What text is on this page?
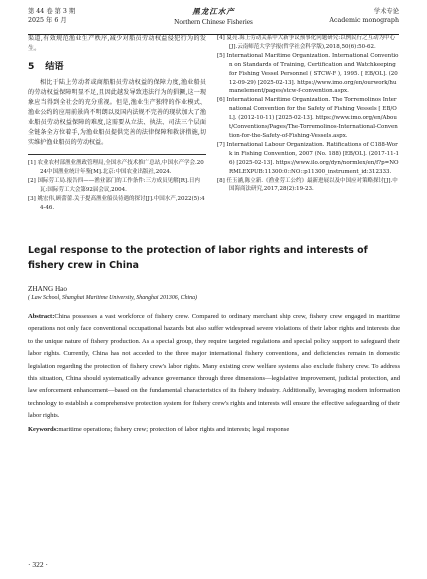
第 44 卷 第 3 期
2025 年 6 月
黑龙江水产
Northern Chinese Fisheries
学术专论
Academic monograph

渠道,有效规范渔业生产秩序,减少对船员劳动权益侵犯行为的发生。

5 结语

相比于陆上劳动者或商船船员劳动权益的保障力度,渔业船员的劳动权益保障明显不足,且因此越发导致违法行为的猖獗,这一现象应当得到全社会的充分重视。但是,渔业生产独特的作业模式、渔业公约的应用前景尚不明朗以及国内法规不完善的现状加大了渔业船员劳动权益保障的难度,这需要从立法、执法、司法三个层面全链条全方位着手,为渔业船员提供完善的法律保障和救济措施,切实维护渔业船员的劳动权益。

[1] 农业农村部渔业渔政管理局,全国水产技术推广总站,中国水产学会.2024中国渔业统计年鉴[M].北京:中国农业出版社,2024.

[2] 国际劳工局.报告四——渔业部门的工作条件:三方成员见解[R].日内瓦:国际劳工大会第92届会议,2004.

[3] 姚宏伟,顾蕾蕾.关于提高渔业船员待遇的探讨[J].中国水产,2022(5):44-46.

[4] 夏亮.海上劳动关系中大新争议预事化问题研究:以例民行之互动为中心[J].云南师范大学学报(哲学社会科学版),2018,50(6):50-62.

[5] International Maritime Organization. International Convention on Standards of Training, Certification and Watchkeeping for Fishing Vessel Personnel ( STCW-F ), 1995. [ EB/OL]. (2012-09-29) [2025-02-13]. https://www.imo.org/en/ourwork/humanelement/pages/stcw-f-convention.aspx.

[6] International Maritime Organization. The Torremolinos International Convention for the Safety of Fishing Vessels [ EB/OL]. (2012-10-11) [2025-02-13]. https://www.imo.org/en/About/Conventions/Pages/The-Torremolinos-International-Convention-for-the-Safety-of-Fishing-Vessels.aspx.

[7] International Labour Organization. Ratifications of C188-Work in Fishing Convention, 2007 (No. 188) [EB/OL]. (2017-11-16) [2025-02-13]. https://www.ilo.org/dyn/normlex/en/f?p=NORMLEXPUB:11300:0::NO::p11300_instrument_id:312333.

[8] 任玉涵,陈立新.《渔业劳工公约》最新进展以及中国应对策略探讨[J].中国海商法研究,2017,28(2):19-23.

Legal response to the protection of labor rights and interests of fishery crew in China
ZHANG Hao
( Law School, Shanghai Maritime University, Shanghai 201306, China)
Abstract:China possesses a vast workforce of fishery crew. Compared to ordinary merchant ship crew, fishery crew engaged in maritime operations not only face conventional occupational hazards but also suffer widespread severe violations of their labor rights and interests due to the unique nature of fishery production. As a special group, they require targeted regulations and special policy support to safeguard their labor rights. Currently, China has not acceded to the three major international fishery conventions, and deficiencies remain in domestic legislation regarding the protection of fishery crew's labor rights. Many existing crew welfare systems also exclude fishery crew. To address this situation, China should systematically advance governance through three dimensions—legislative improvement, judicial protection, and law enforcement enhancement—based on the fundamental characteristics of its fishery industry. Additionally, leveraging modern information technology to establish a comprehensive protection system for fishery crew's rights and interests will ensure the effective safeguarding of their labor rights.
Keywords:maritime operations; fishery crew; protection of labor rights and interests; legal response
· 322 ·
